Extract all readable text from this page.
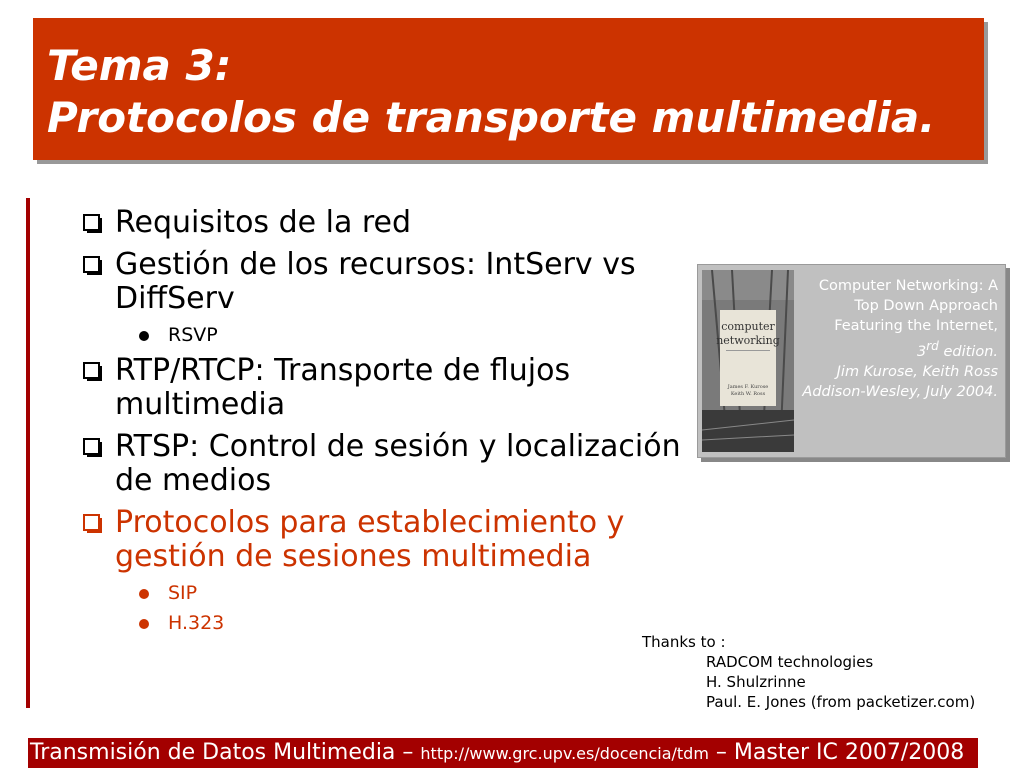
Tema 3:
Protocolos de transporte multimedia.
Requisitos de la red
Gestión de los recursos: IntServ vs DiffServ
RSVP
RTP/RTCP: Transporte de flujos multimedia
RTSP: Control de sesión y localización de medios
Protocolos para establecimiento y gestión de sesiones multimedia
SIP
H.323
computer
networking
James F. Kurose
Keith W. Ross
Computer Networking: A
Top Down Approach
Featuring the Internet,
3rd edition.
Jim Kurose, Keith Ross
Addison-Wesley, July 2004.
Thanks to :
RADCOM technologies
H. Shulzrinne
Paul. E. Jones (from packetizer.com)
Transmisión de Datos Multimedia – http://www.grc.upv.es/docencia/tdm – Master IC 2007/2008
